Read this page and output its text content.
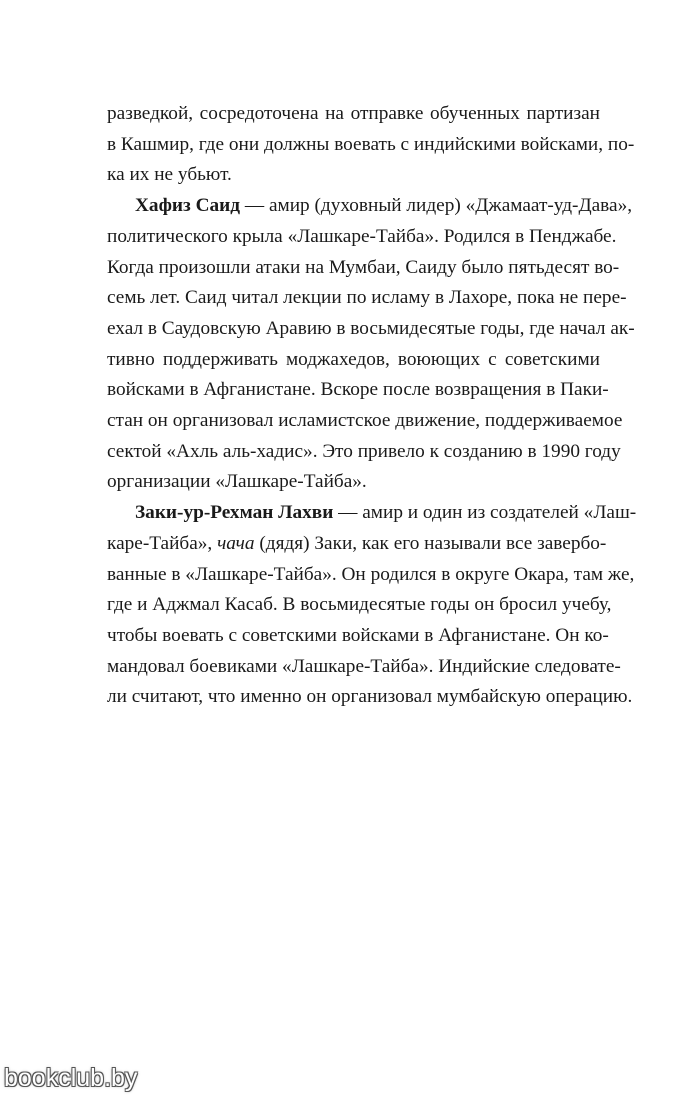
разведкой, сосредоточена на отправке обученных партизан
в Кашмир, где они должны воевать с индийскими войсками, по-
ка их не убьют.
Хафиз Саид — амир (духовный лидер) «Джамаат-уд-Дава»,
политического крыла «Лашкаре-Тайба». Родился в Пенджабе.
Когда произошли атаки на Мумбаи, Саиду было пятьдесят во-
семь лет. Саид читал лекции по исламу в Лахоре, пока не пере-
ехал в Саудовскую Аравию в восьмидесятые годы, где начал ак-
тивно поддерживать моджахедов, воюющих с советскими
войсками в Афганистане. Вскоре после возвращения в Паки-
стан он организовал исламистское движение, поддерживаемое
сектой «Ахль аль-хадис». Это привело к созданию в 1990 году
организации «Лашкаре-Тайба».
Заки-ур-Рехман Лахви — амир и один из создателей «Лаш-
каре-Тайба», чача (дядя) Заки, как его называли все завербо-
ванные в «Лашкаре-Тайба». Он родился в округе Окара, там же,
где и Аджмал Касаб. В восьмидесятые годы он бросил учебу,
чтобы воевать с советскими войсками в Афганистане. Он ко-
мандовал боевиками «Лашкаре-Тайба». Индийские следовате-
ли считают, что именно он организовал мумбайскую операцию.
bookclub.by
